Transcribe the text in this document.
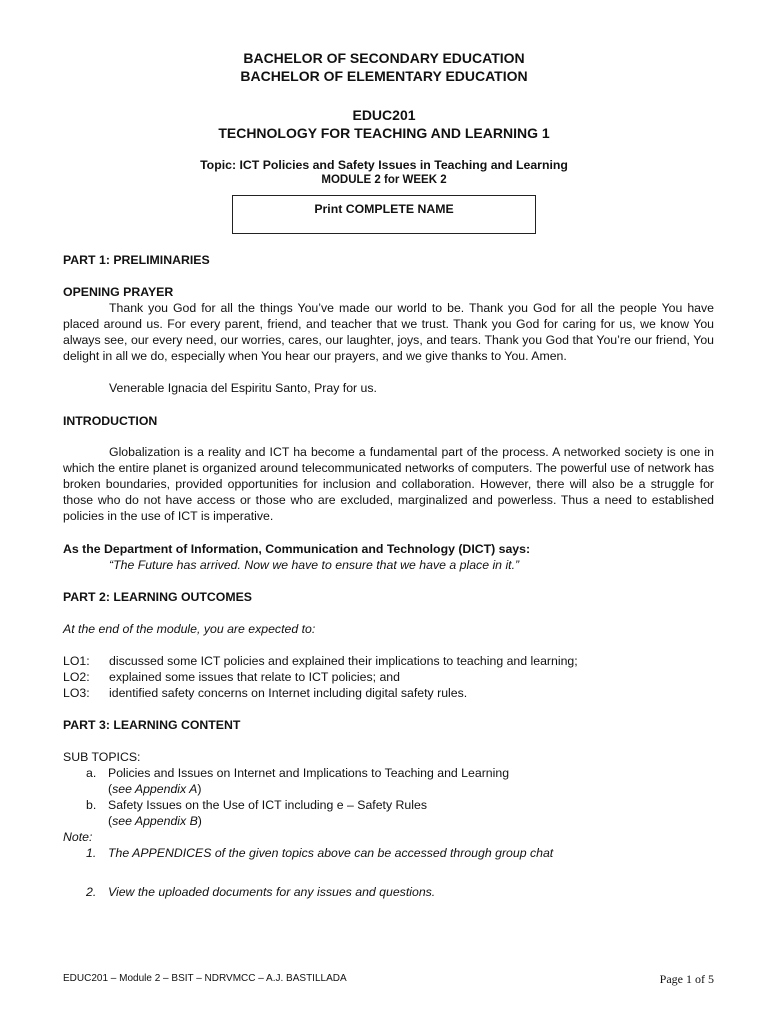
BACHELOR OF SECONDARY EDUCATION
BACHELOR OF ELEMENTARY EDUCATION
EDUC201
TECHNOLOGY FOR TEACHING AND LEARNING 1
Topic: ICT Policies and Safety Issues in Teaching and Learning
MODULE 2 for WEEK 2
Print COMPLETE NAME
PART 1: PRELIMINARIES
OPENING PRAYER
Thank you God for all the things You’ve made our world to be. Thank you God for all the people You have placed around us. For every parent, friend, and teacher that we trust. Thank you God for caring for us, we know You always see, our every need, our worries, cares, our laughter, joys, and tears. Thank you God that You’re our friend, You delight in all we do, especially when You hear our prayers, and we give thanks to You. Amen.
Venerable Ignacia del Espiritu Santo, Pray for us.
INTRODUCTION
Globalization is a reality and ICT ha become a fundamental part of the process. A networked society is one in which the entire planet is organized around telecommunicated networks of computers. The powerful use of network has broken boundaries, provided opportunities for inclusion and collaboration. However, there will also be a struggle for those who do not have access or those who are excluded, marginalized and powerless. Thus a need to established policies in the use of ICT is imperative.
As the Department of Information, Communication and Technology (DICT) says:
“The Future has arrived. Now we have to ensure that we have a place in it.”
PART 2: LEARNING OUTCOMES
At the end of the module, you are expected to:
LO1: discussed some ICT policies and explained their implications to teaching and learning;
LO2: explained some issues that relate to ICT policies; and
LO3: identified safety concerns on Internet including digital safety rules.
PART 3: LEARNING CONTENT
SUB TOPICS:
a. Policies and Issues on Internet and Implications to Teaching and Learning
(see Appendix A)
b. Safety Issues on the Use of ICT including e – Safety Rules
(see Appendix B)
Note:
1. The APPENDICES of the given topics above can be accessed through group chat
2. View the uploaded documents for any issues and questions.
EDUC201 – Module 2 – BSIT – NDRVMCC – A.J. BASTILLADA	Page 1 of 5
